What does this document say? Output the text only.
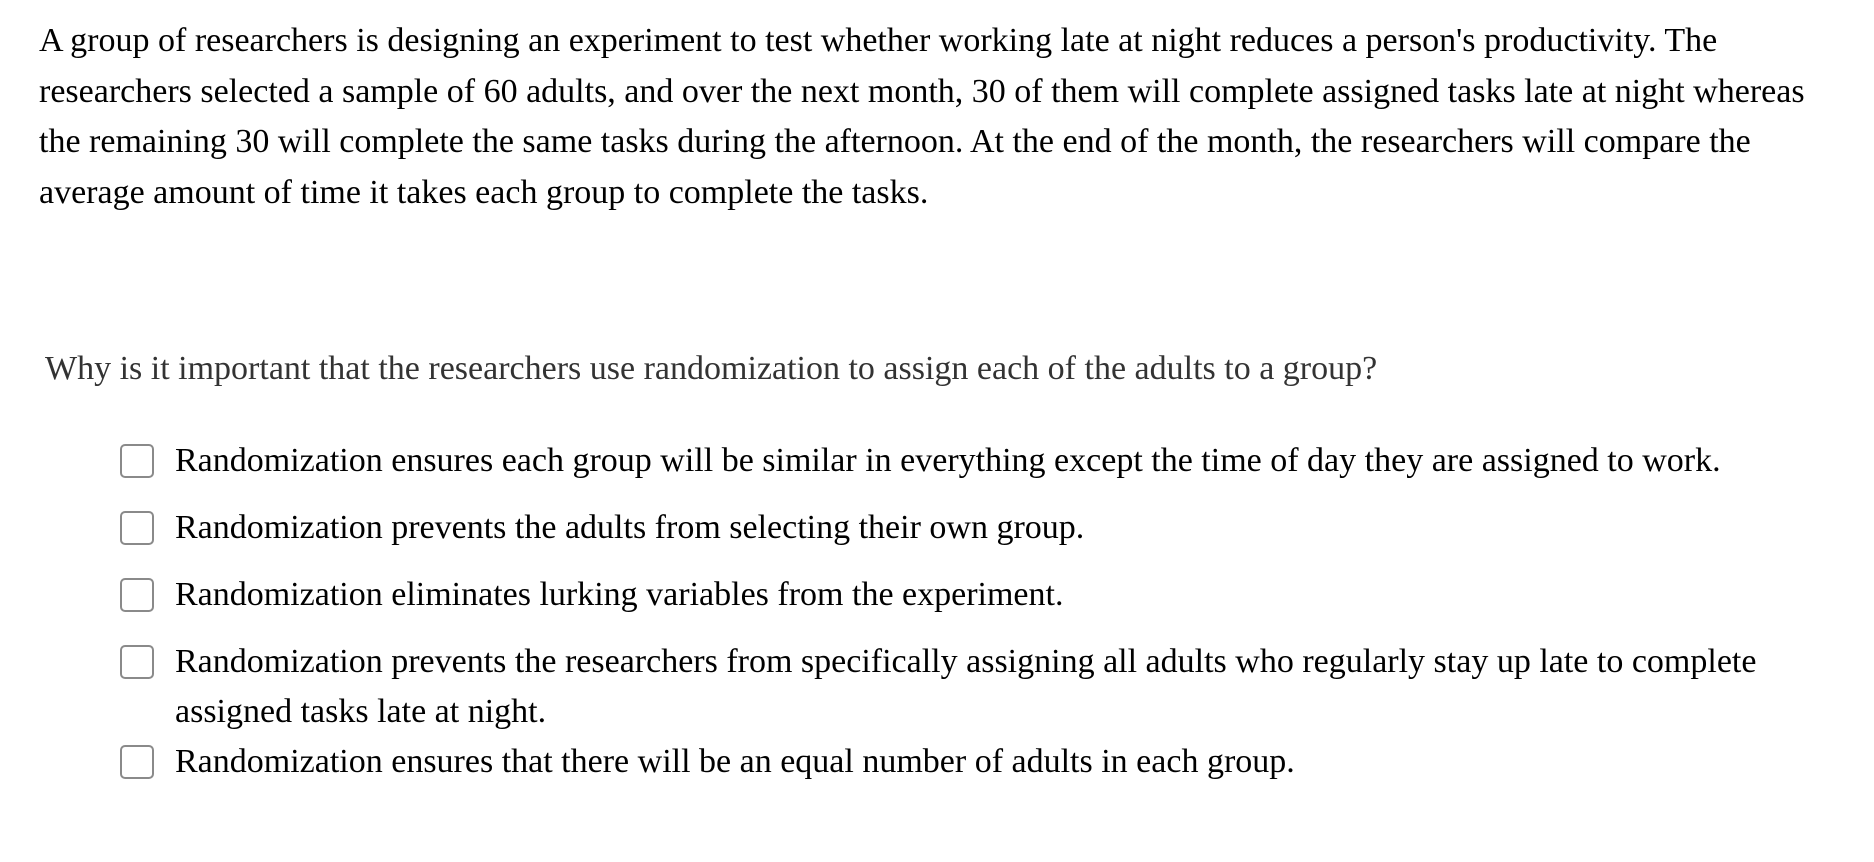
A group of researchers is designing an experiment to test whether working late at night reduces a person's productivity. The researchers selected a sample of 60 adults, and over the next month, 30 of them will complete assigned tasks late at night whereas the remaining 30 will complete the same tasks during the afternoon. At the end of the month, the researchers will compare the average amount of time it takes each group to complete the tasks.

Why is it important that the researchers use randomization to assign each of the adults to a group?

Randomization ensures each group will be similar in everything except the time of day they are assigned to work.
Randomization prevents the adults from selecting their own group.
Randomization eliminates lurking variables from the experiment.
Randomization prevents the researchers from specifically assigning all adults who regularly stay up late to complete assigned tasks late at night.
Randomization ensures that there will be an equal number of adults in each group.
